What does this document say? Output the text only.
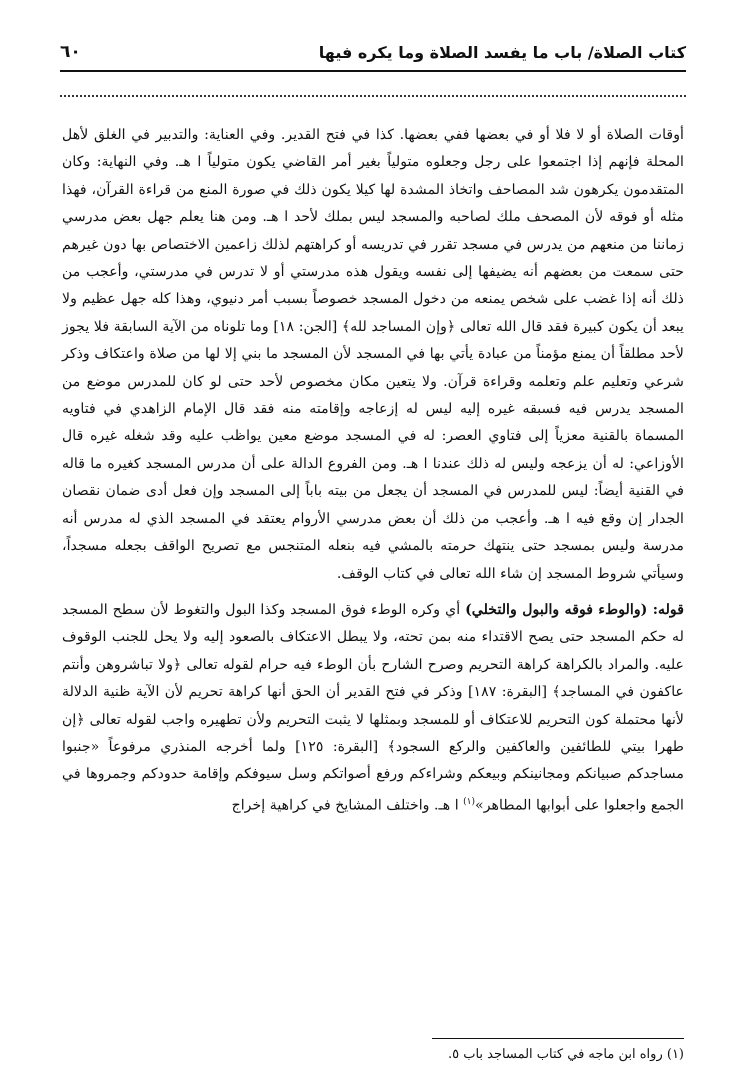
كتاب الصلاة/ باب ما يفسد الصلاة وما يكره فيها
٦٠

أوقات الصلاة أو لا فلا أو في بعضها ففي بعضها. كذا في فتح القدير. وفي العناية: والتدبير في الغلق لأهل المحلة فإنهم إذا اجتمعوا على رجل وجعلوه متولياً بغير أمر القاضي يكون متولياً ا هـ. وفي النهاية: وكان المتقدمون يكرهون شد المصاحف واتخاذ المشدة لها كيلا يكون ذلك في صورة المنع من قراءة القرآن، فهذا مثله أو فوقه لأن المصحف ملك لصاحبه والمسجد ليس بملك لأحد ا هـ. ومن هنا يعلم جهل بعض مدرسي زماننا من منعهم من يدرس في مسجد تقرر في تدريسه أو كراهتهم لذلك زاعمين الاختصاص بها دون غيرهم حتى سمعت من بعضهم أنه يضيفها إلى نفسه ويقول هذه مدرستي أو لا تدرس في مدرستي، وأعجب من ذلك أنه إذا غضب على شخص يمنعه من دخول المسجد خصوصاً بسبب أمر دنيوي، وهذا كله جهل عظيم ولا يبعد أن يكون كبيرة فقد قال الله تعالى ﴿وإن المساجد لله﴾ [الجن: ١٨] وما تلوناه من الآية السابقة فلا يجوز لأحد مطلقاً أن يمنع مؤمناً من عبادة يأتي بها في المسجد لأن المسجد ما بني إلا لها من صلاة واعتكاف وذكر شرعي وتعليم علم وتعلمه وقراءة قرآن. ولا يتعين مكان مخصوص لأحد حتى لو كان للمدرس موضع من المسجد يدرس فيه فسبقه غيره إليه ليس له إزعاجه وإقامته منه فقد قال الإمام الزاهدي في فتاويه المسماة بالقنية معزياً إلى فتاوي العصر: له في المسجد موضع معين يواظب عليه وقد شغله غيره قال الأوزاعي: له أن يزعجه وليس له ذلك عندنا ا هـ. ومن الفروع الدالة على أن مدرس المسجد كغيره ما قاله في القنية أيضاً: ليس للمدرس في المسجد أن يجعل من بيته باباً إلى المسجد وإن فعل أدى ضمان نقصان الجدار إن وقع فيه ا هـ. وأعجب من ذلك أن بعض مدرسي الأروام يعتقد في المسجد الذي له مدرس أنه مدرسة وليس بمسجد حتى ينتهك حرمته بالمشي فيه بنعله المتنجس مع تصريح الواقف بجعله مسجداً، وسيأتي شروط المسجد إن شاء الله تعالى في كتاب الوقف.

قوله: (والوطء فوقه والبول والتخلي) أي وكره الوطء فوق المسجد وكذا البول والتغوط لأن سطح المسجد له حكم المسجد حتى يصح الاقتداء منه بمن تحته، ولا يبطل الاعتكاف بالصعود إليه ولا يحل للجنب الوقوف عليه. والمراد بالكراهة كراهة التحريم وصرح الشارح بأن الوطء فيه حرام لقوله تعالى ﴿ولا تباشروهن وأنتم عاكفون في المساجد﴾ [البقرة: ١٨٧] وذكر في فتح القدير أن الحق أنها كراهة تحريم لأن الآية ظنية الدلالة لأنها محتملة كون التحريم للاعتكاف أو للمسجد وبمثلها لا يثبت التحريم ولأن تطهيره واجب لقوله تعالى ﴿إن طهرا بيتي للطائفين والعاكفين والركع السجود﴾ [البقرة: ١٢٥] ولما أخرجه المنذري مرفوعاً «جنبوا مساجدكم صبيانكم ومجانينكم وبيعكم وشراءكم ورفع أصواتكم وسل سيوفكم وإقامة حدودكم وجمروها في الجمع واجعلوا على أبوابها المطاهر»$^{(١)}$ ا هـ. واختلف المشايخ في كراهية إخراج

(١) رواه ابن ماجه في كتاب المساجد باب ٥.
